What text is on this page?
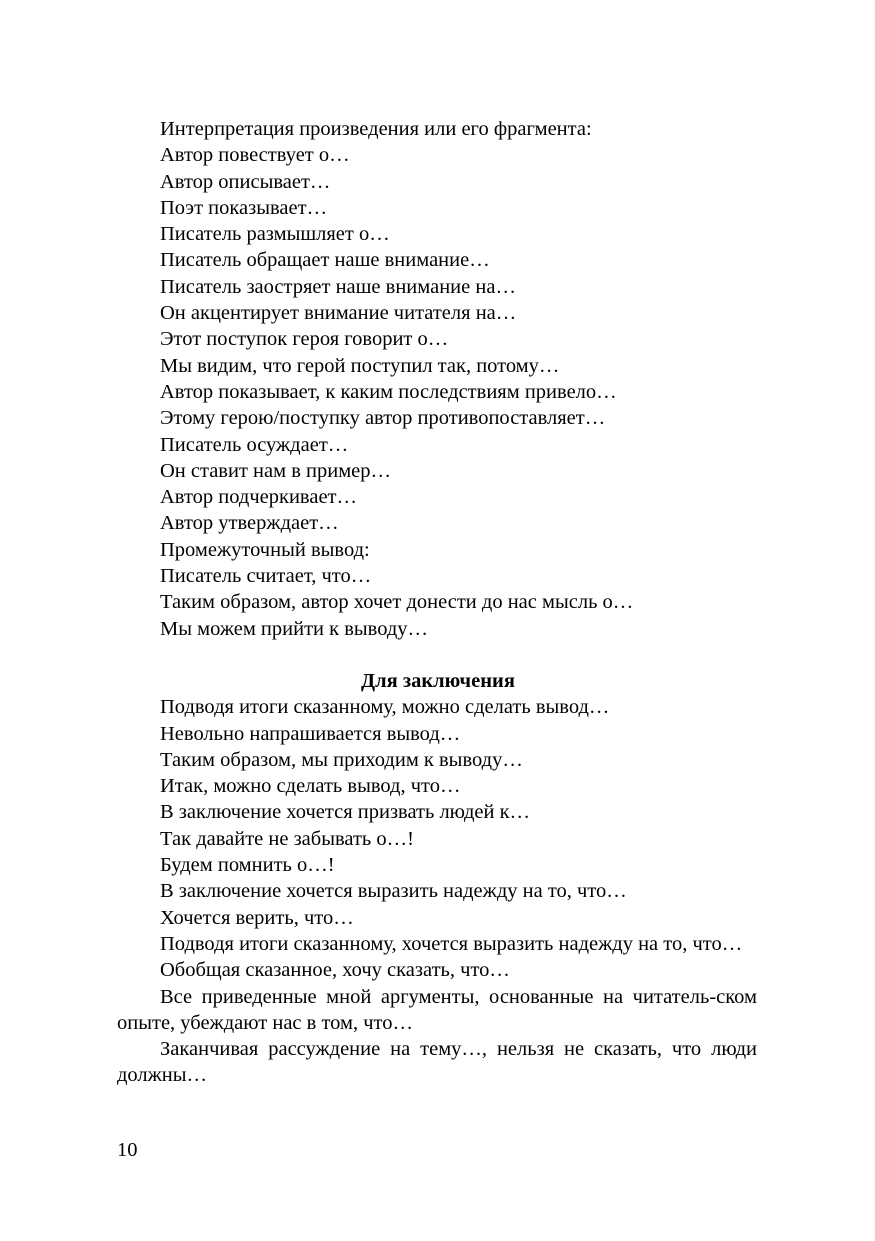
Интерпретация произведения или его фрагмента:
Автор повествует о…
Автор описывает…
Поэт показывает…
Писатель размышляет о…
Писатель обращает наше внимание…
Писатель заостряет наше внимание на…
Он акцентирует внимание читателя на…
Этот поступок героя говорит о…
Мы видим, что герой поступил так, потому…
Автор показывает, к каким последствиям привело…
Этому герою/поступку автор противопоставляет…
Писатель осуждает…
Он ставит нам в пример…
Автор подчеркивает…
Автор утверждает…
Промежуточный вывод:
Писатель считает, что…
Таким образом, автор хочет донести до нас мысль о…
Мы можем прийти к выводу…
Для заключения
Подводя итоги сказанному, можно сделать вывод…
Невольно напрашивается вывод…
Таким образом, мы приходим к выводу…
Итак, можно сделать вывод, что…
В заключение хочется призвать людей к…
Так давайте не забывать о…!
Будем помнить о…!
В заключение хочется выразить надежду на то, что…
Хочется верить, что…
Подводя итоги сказанному, хочется выразить надежду на то, что…
Обобщая сказанное, хочу сказать, что…
Все приведенные мной аргументы, основанные на читатель-ском опыте, убеждают нас в том, что…
Заканчивая рассуждение на тему…, нельзя не сказать, что люди должны…
10
